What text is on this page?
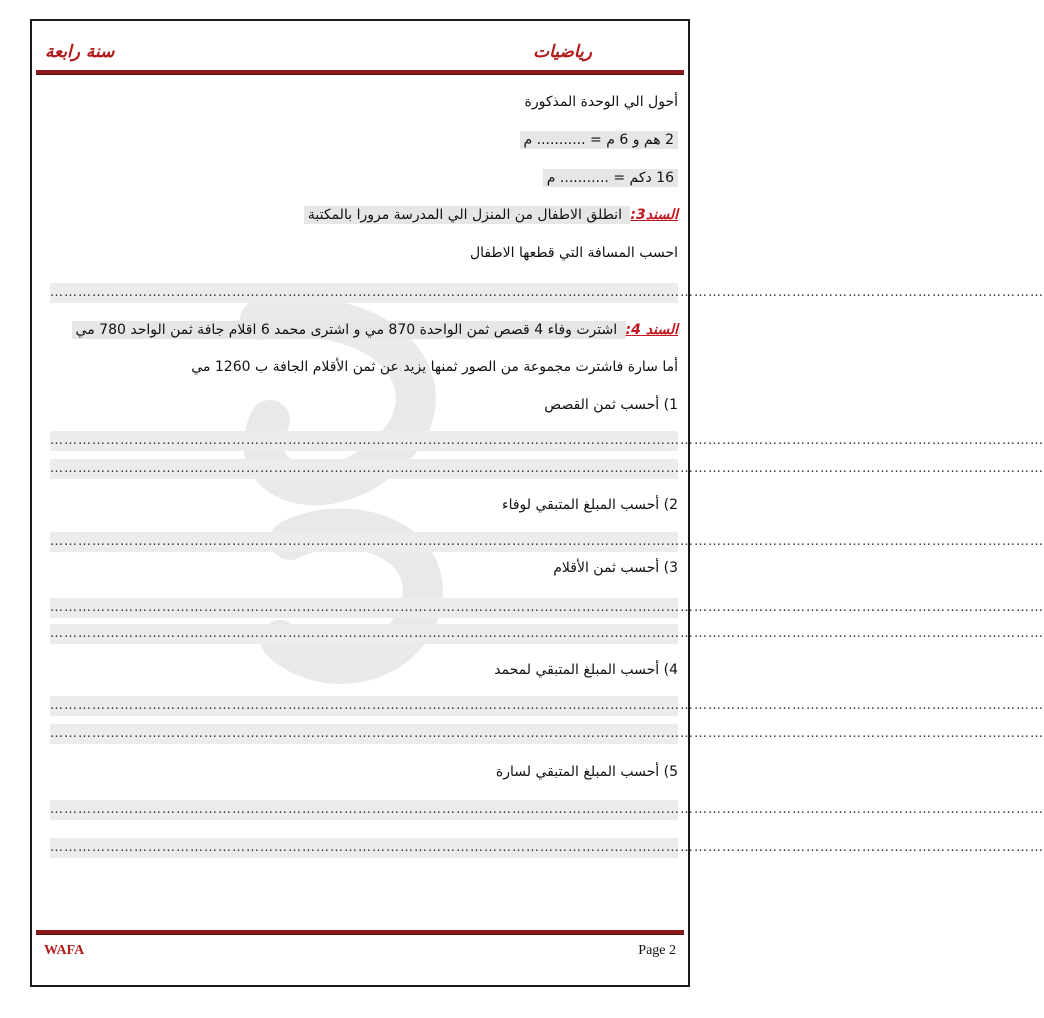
رياضيات
سنة رابعة
أحول الي الوحدة المذكورة
2 هم و 6 م = ........... م
16 دكم = ........... م
السند3: انطلق الاطفال من المنزل الي المدرسة مرورا بالمكتبة
احسب المسافة التي قطعها الاطفال
……………………………………………………………………………………………………………………………………………………………………………………………
السند 4: اشترت وفاء 4 قصص ثمن الواحدة 870 مي و اشترى محمد 6 اقلام جافة ثمن الواحد 780 مي
أما سارة فاشترت مجموعة من الصور ثمنها يزيد عن ثمن الأقلام الجافة ب 1260 مي
1) أحسب ثمن القصص
……………………………………………………………………………………………………………………………………………………………………………………………
……………………………………………………………………………………………………………………………………………………………………………………………
2) أحسب المبلغ المتبقي لوفاء
……………………………………………………………………………………………………………………………………………………………………………………………
3) أحسب ثمن الأقلام
……………………………………………………………………………………………………………………………………………………………………………………………
……………………………………………………………………………………………………………………………………………………………………………………………
4) أحسب المبلغ المتبقي لمحمد
……………………………………………………………………………………………………………………………………………………………………………………………
……………………………………………………………………………………………………………………………………………………………………………………………
5) أحسب المبلغ المتبقي لسارة
……………………………………………………………………………………………………………………………………………………………………………………………
……………………………………………………………………………………………………………………………………………………………………………………………
WAFA	Page 2
